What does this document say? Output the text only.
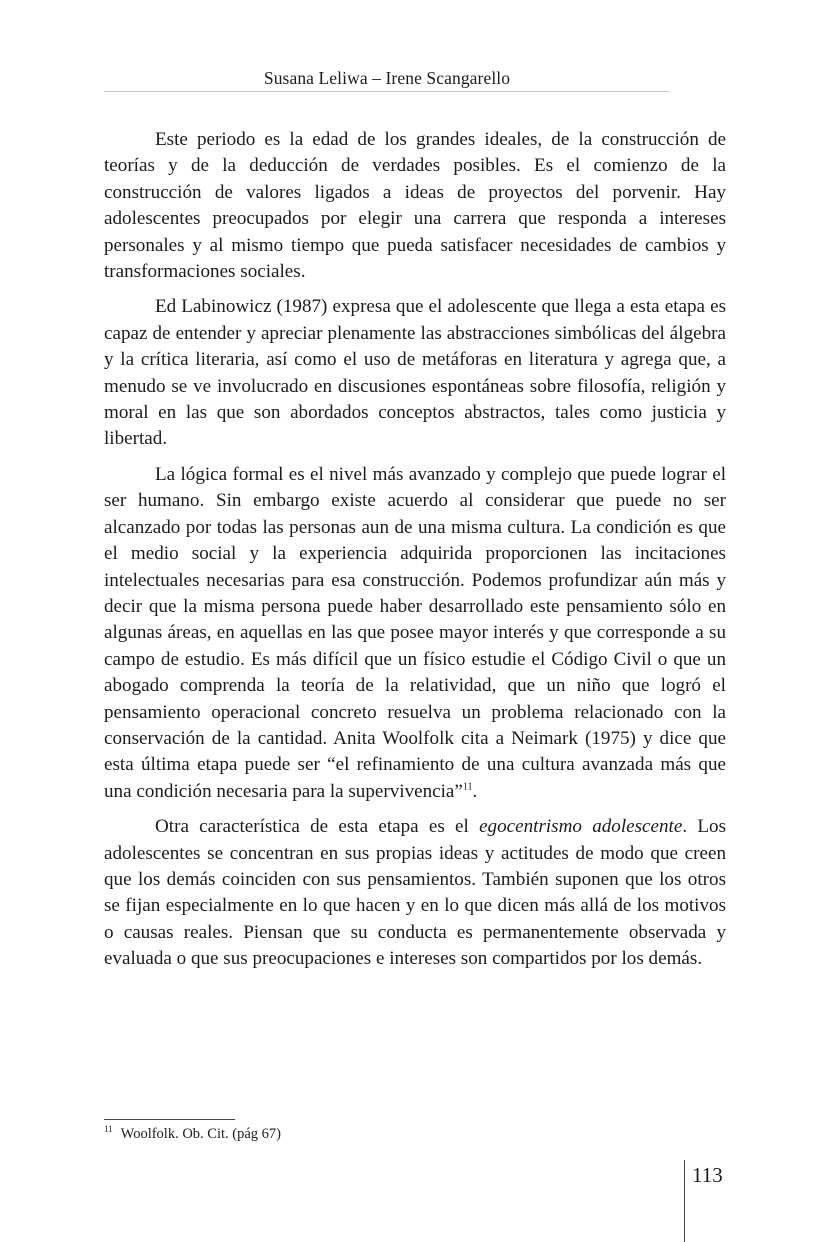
Susana Leliwa – Irene Scangarello

Este periodo es la edad de los grandes ideales, de la construcción de teorías y de la deducción de verdades posibles. Es el comienzo de la construcción de valores ligados a ideas de proyectos del porvenir. Hay adolescentes preocupados por elegir una carrera que responda a intereses personales y al mismo tiempo que pueda satisfacer necesidades de cambios y transformaciones sociales.

Ed Labinowicz (1987) expresa que el adolescente que llega a esta etapa es capaz de entender y apreciar plenamente las abstracciones simbólicas del álgebra y la crítica literaria, así como el uso de metáforas en literatura y agrega que, a menudo se ve involucrado en discusiones espontáneas sobre filosofía, religión y moral en las que son abordados conceptos abstractos, tales como justicia y libertad.

La lógica formal es el nivel más avanzado y complejo que puede lograr el ser humano. Sin embargo existe acuerdo al considerar que puede no ser alcanzado por todas las personas aun de una misma cultura. La condición es que el medio social y la experiencia adquirida proporcionen las incitaciones intelectuales necesarias para esa construcción. Podemos profundizar aún más y decir que la misma persona puede haber desarrollado este pensamiento sólo en algunas áreas, en aquellas en las que posee mayor interés y que corresponde a su campo de estudio. Es más difícil que un físico estudie el Código Civil o que un abogado comprenda la teoría de la relatividad, que un niño que logró el pensamiento operacional concreto resuelva un problema relacionado con la conservación de la cantidad. Anita Woolfolk cita a Neimark (1975) y dice que esta última etapa puede ser “el refinamiento de una cultura avanzada más que una condición necesaria para la supervivencia”$^{11}$.

Otra característica de esta etapa es el egocentrismo adolescente. Los adolescentes se concentran en sus propias ideas y actitudes de modo que creen que los demás coinciden con sus pensamientos. También suponen que los otros se fijan especialmente en lo que hacen y en lo que dicen más allá de los motivos o causas reales. Piensan que su conducta es permanentemente observada y evaluada o que sus preocupaciones e intereses son compartidos por los demás.

$^{11}$ Woolfolk. Ob. Cit. (pág 67)
113
